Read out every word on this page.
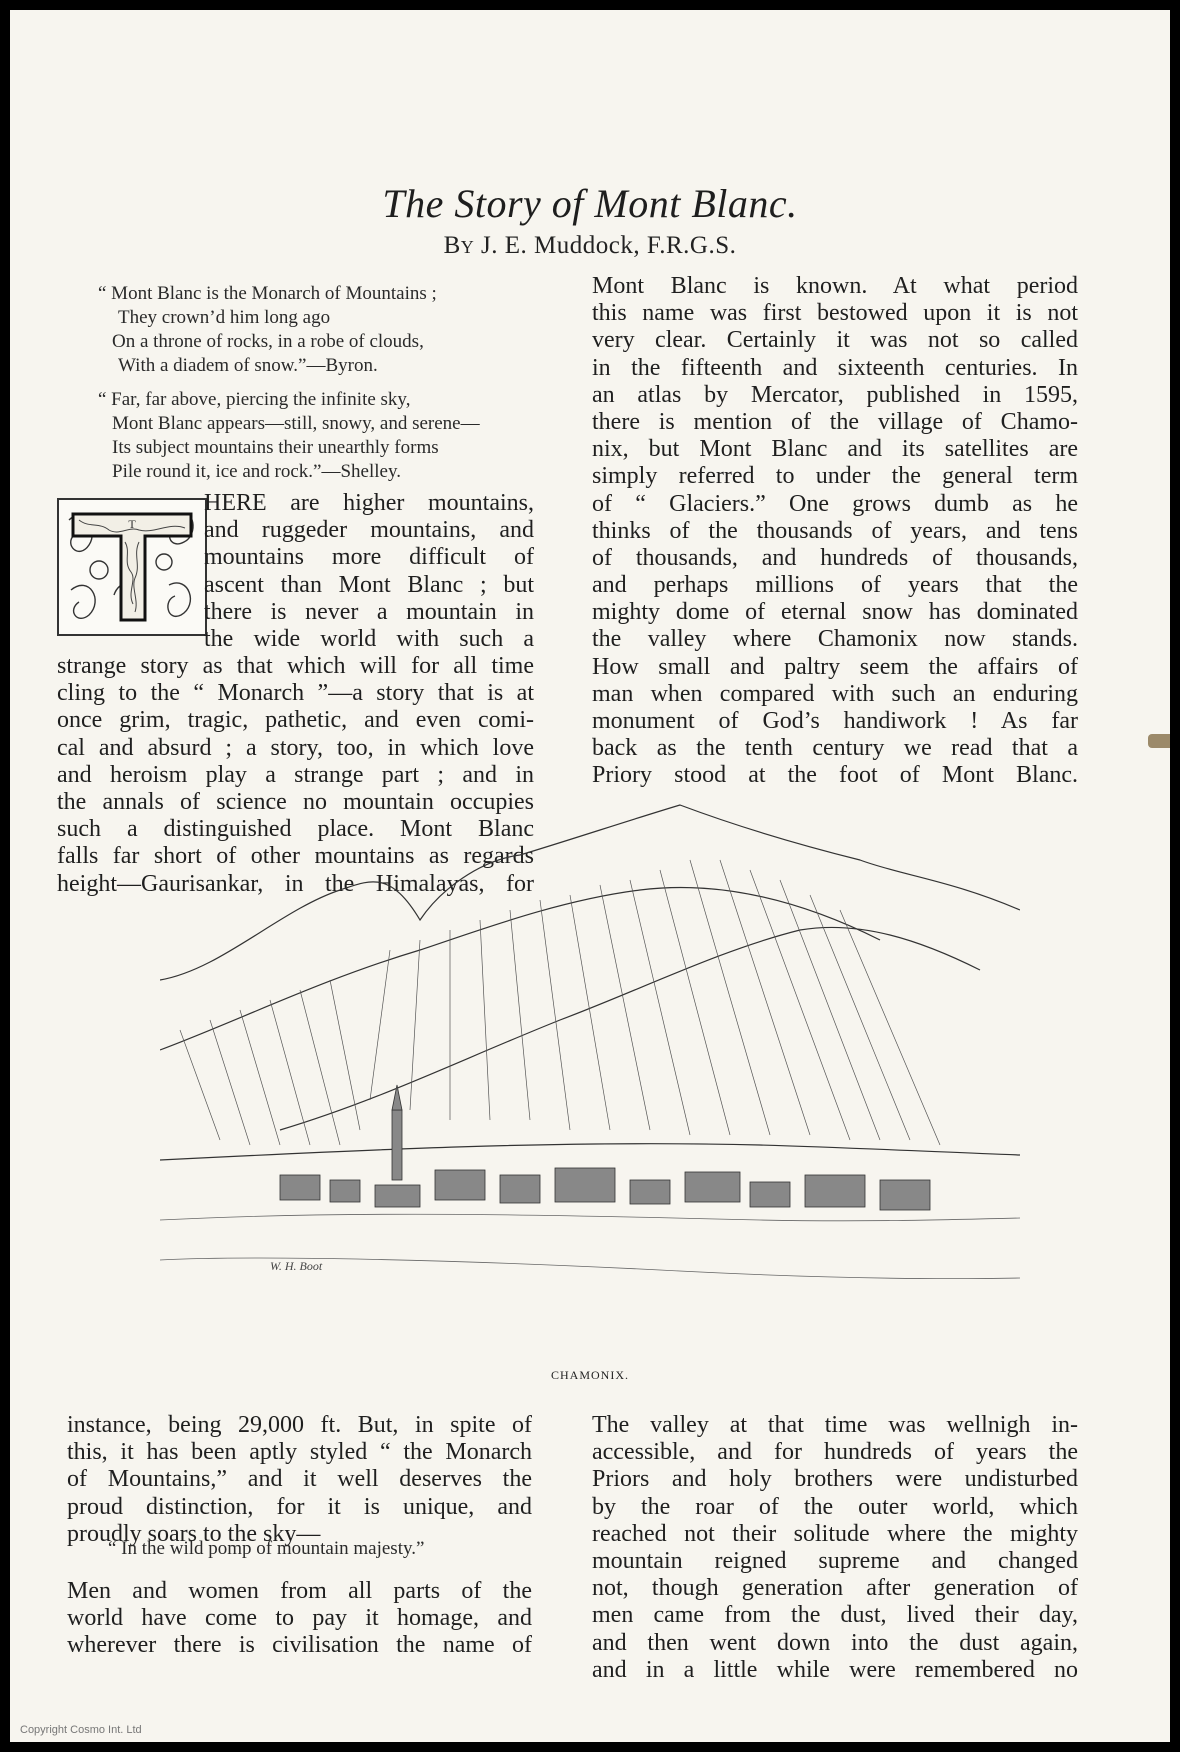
The Story of Mont Blanc.
By J. E. Muddock, F.R.G.S.
“ Mont Blanc is the Monarch of Mountains ;
They crown’d him long ago
On a throne of rocks, in a robe of clouds,
With a diadem of snow.”—Byron.
“ Far, far above, piercing the infinite sky,
Mont Blanc appears—still, snowy, and serene—
Its subject mountains their unearthly forms
Pile round it, ice and rock.”—Shelley.
T
HERE are higher mountains,
and ruggeder mountains, and
mountains more difficult of
ascent than Mont Blanc ; but
there is never a mountain in
the wide world with such a
strange story as that which will for all time
cling to the “ Monarch ”—a story that is at
once grim, tragic, pathetic, and even comi-
cal and absurd ; a story, too, in which love
and heroism play a strange part ; and in
the annals of science no mountain occupies
such a distinguished place. Mont Blanc
falls far short of other mountains as regards
height—Gaurisankar, in the Himalayas, for
Mont Blanc is known. At what period
this name was first bestowed upon it is not
very clear. Certainly it was not so called
in the fifteenth and sixteenth centuries. In
an atlas by Mercator, published in 1595,
there is mention of the village of Chamo-
nix, but Mont Blanc and its satellites are
simply referred to under the general term
of “ Glaciers.” One grows dumb as he
thinks of the thousands of years, and tens
of thousands, and hundreds of thousands,
and perhaps millions of years that the
mighty dome of eternal snow has dominated
the valley where Chamonix now stands.
How small and paltry seem the affairs of
man when compared with such an enduring
monument of God’s handiwork ! As far
back as the tenth century we read that a
Priory stood at the foot of Mont Blanc.
W. H. Boot
CHAMONIX.
instance, being 29,000 ft. But, in spite of
this, it has been aptly styled “ the Monarch
of Mountains,” and it well deserves the
proud distinction, for it is unique, and
proudly soars to the sky—
“ In the wild pomp of mountain majesty.”
Men and women from all parts of the
world have come to pay it homage, and
wherever there is civilisation the name of
The valley at that time was wellnigh in-
accessible, and for hundreds of years the
Priors and holy brothers were undisturbed
by the roar of the outer world, which
reached not their solitude where the mighty
mountain reigned supreme and changed
not, though generation after generation of
men came from the dust, lived their day,
and then went down into the dust again,
and in a little while were remembered no
Copyright Cosmo Int. Ltd
